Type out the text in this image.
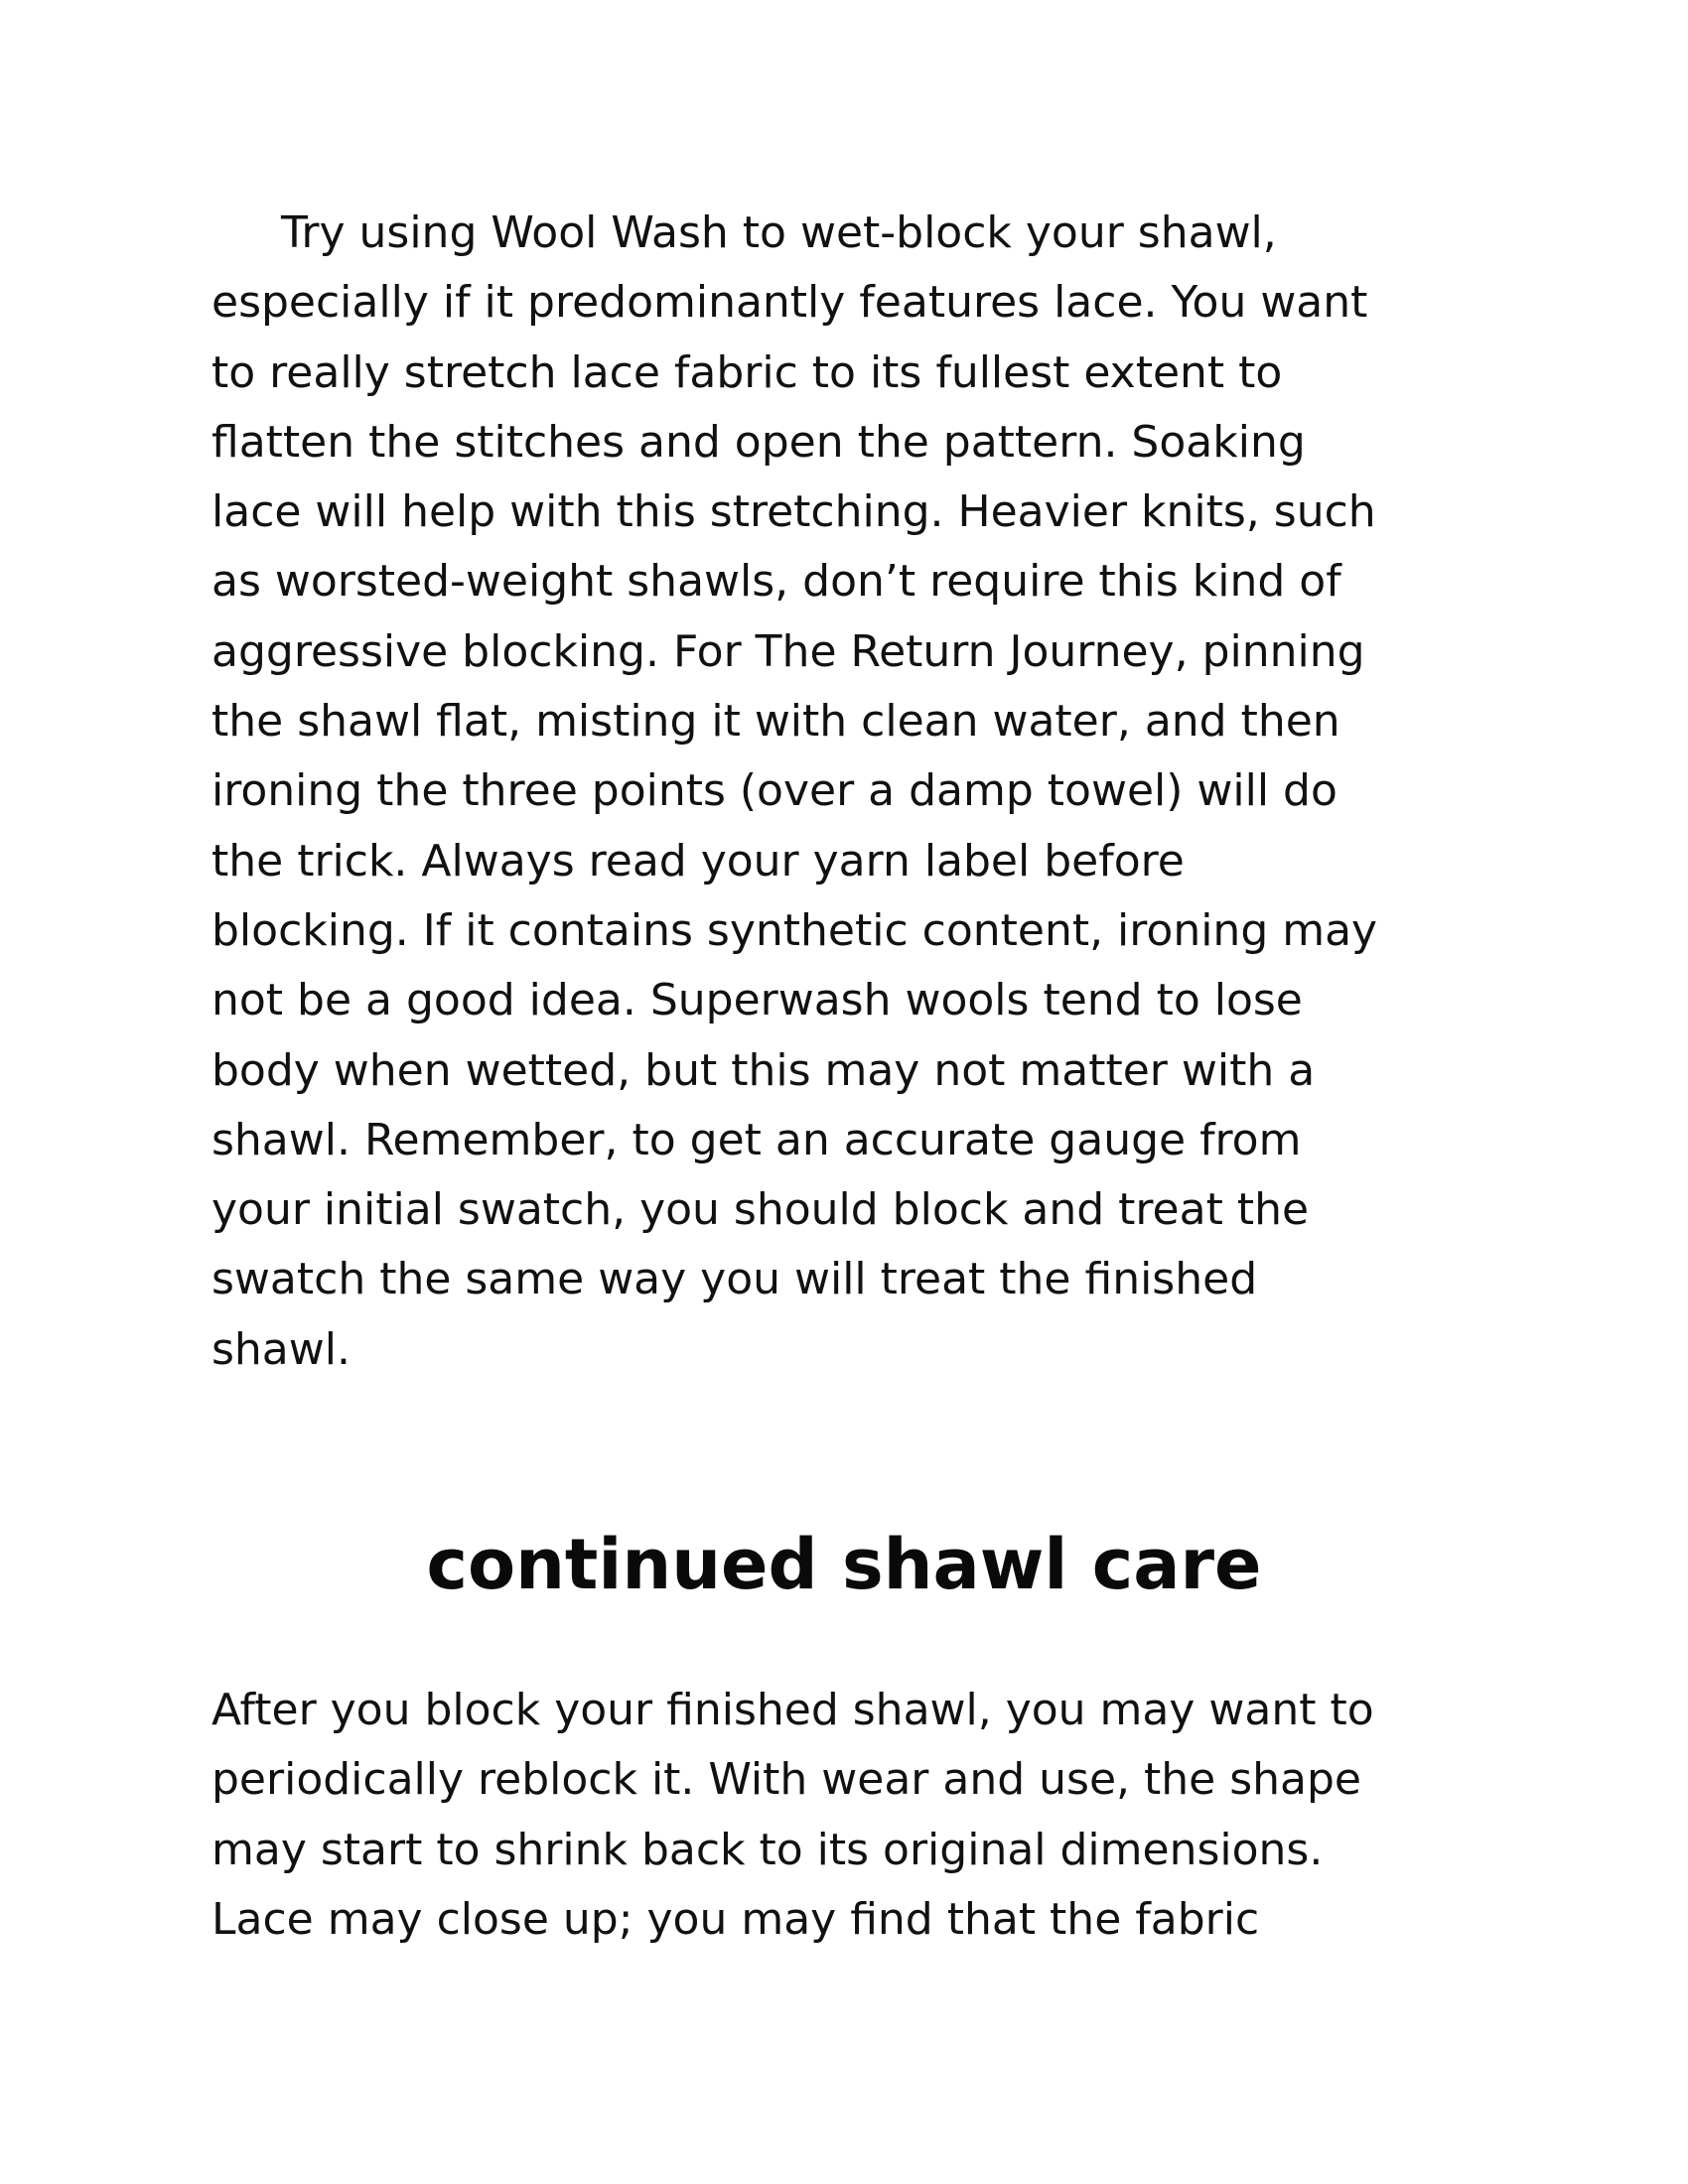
Try using Wool Wash to wet-block your shawl,
especially if it predominantly features lace. You want
to really stretch lace fabric to its fullest extent to
flatten the stitches and open the pattern. Soaking
lace will help with this stretching. Heavier knits, such
as worsted-weight shawls, don’t require this kind of
aggressive blocking. For The Return Journey, pinning
the shawl flat, misting it with clean water, and then
ironing the three points (over a damp towel) will do
the trick. Always read your yarn label before
blocking. If it contains synthetic content, ironing may
not be a good idea. Superwash wools tend to lose
body when wetted, but this may not matter with a
shawl. Remember, to get an accurate gauge from
your initial swatch, you should block and treat the
swatch the same way you will treat the finished
shawl.

continued shawl care

After you block your finished shawl, you may want to
periodically reblock it. With wear and use, the shape
may start to shrink back to its original dimensions.
Lace may close up; you may find that the fabric
